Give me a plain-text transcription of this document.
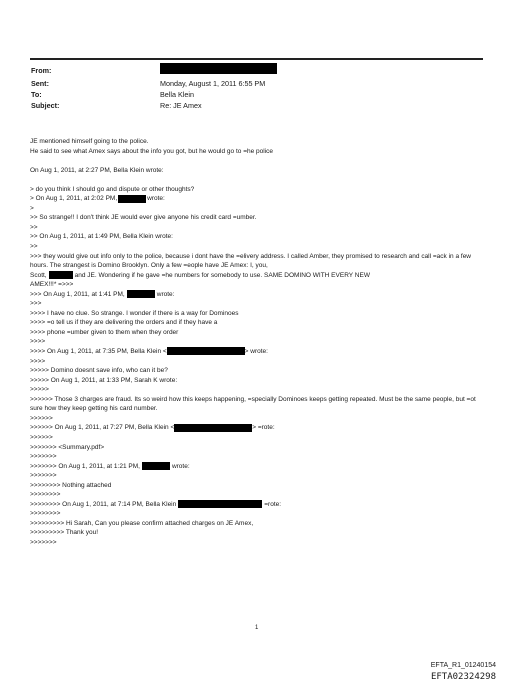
From:
Sent:	Monday, August 1, 2011 6:55 PM
To:	Bella Klein
Subject:	Re: JE Amex
JE mentioned himself going to the police.
He said to see what Amex says about the info you got, but he would go to =he police
On Aug 1, 2011, at 2:27 PM, Bella Klein wrote:
> do you think I should go and dispute or other thoughts?
> On Aug 1, 2011, at 2:02 PM,	wrote:
>
>> So strange!! I don't think JE would ever give anyone his credit card =umber.
>>
>> On Aug 1, 2011, at 1:49 PM, Bella Klein wrote:
>>
>>> they would give out info only to the police, because i dont have the =elivery address. I called Amber, they promised to research and call =ack in a few hours. The strangest is Domino Brooklyn. Only a few =eople have JE Amex: I, you,
Scott,	and JE. Wondering if he gave =he numbers for somebody to use. SAME DOMINO WITH EVERY NEW
AMEX!!!* =>>>
>>> On Aug 1, 2011, at 1:41 PM,	wrote:
>>>
>>>> I have no clue. So strange. I wonder if there is a way for Dominoes
>>>> =o tell us if they are delivering the orders and if they have a
>>>> phone =umber given to them when they order
>>>>
>>>> On Aug 1, 2011, at 7:35 PM, Bella Klein <	> wrote:
>>>>
>>>>> Domino doesnt save info, who can it be?
>>>>> On Aug 1, 2011, at 1:33 PM, Sarah K wrote:
>>>>>
>>>>>> Those 3 charges are fraud. Its so weird how this keeps happening, =specially Dominoes keeps getting repeated. Must be the same people, but =ot sure how they keep getting his card number.
>>>>>>
>>>>>> On Aug 1, 2011, at 7:27 PM, Bella Klein <	> =rote:
>>>>>>
>>>>>>> <Summary.pdf>
>>>>>>>
>>>>>>> On Aug 1, 2011, at 1:21 PM,	wrote:
>>>>>>>
>>>>>>>> Nothing attached
>>>>>>>>
>>>>>>>> On Aug 1, 2011, at 7:14 PM, Bella Klein	=rote:
>>>>>>>>
>>>>>>>>> Hi Sarah, Can you please confirm attached charges on JE Amex,
>>>>>>>>> Thank you!
>>>>>>>
1
EFTA_R1_01240154
EFTA02324298
